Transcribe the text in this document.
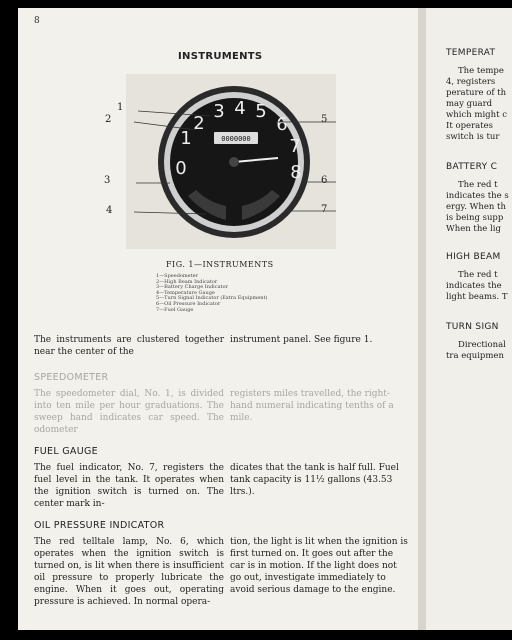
8
INSTRUMENTS
0000000
0
1
2
3 4 5
6
7
8
1
2
3
4
5
6
7
FIG. 1—INSTRUMENTS
1—Speedometer
2—High Beam Indicator
3—Battery Charge Indicator
4—Temperature Gauge
5—Turn Signal Indicator (Extra Equipment)
6—Oil Pressure Indicator
7—Fuel Gauge
The instruments are clustered together near the center of the
instrument panel. See figure 1.
SPEEDOMETER
The speedometer dial, No. 1, is divided into ten mile per hour graduations. The sweep hand indicates car speed. The odometer
registers miles travelled, the right-hand numeral indicating tenths of a mile.
FUEL GAUGE
The fuel indicator, No. 7, registers the fuel level in the tank. It operates when the ignition switch is turned on. The center mark in-
dicates that the tank is half full. Fuel tank capacity is 11½ gallons (43.53 ltrs.).
OIL PRESSURE INDICATOR
The red telltale lamp, No. 6, which operates when the ignition switch is turned on, is lit when there is insufficient oil pressure to properly lubricate the engine. When it goes out, operating pressure is achieved. In normal opera-
tion, the light is lit when the ignition is first turned on. It goes out after the car is in motion. If the light does not go out, investigate immediately to avoid serious damage to the engine.
TEMPERAT
The tempe
4, registers
perature of th
may guard
which might c
It operates
switch is tur
BATTERY C
The red t
indicates the s
ergy. When th
is being supp
When the lig
HIGH BEAM
The red t
indicates the
light beams. T
TURN SIGN
Directional
tra equipmen
